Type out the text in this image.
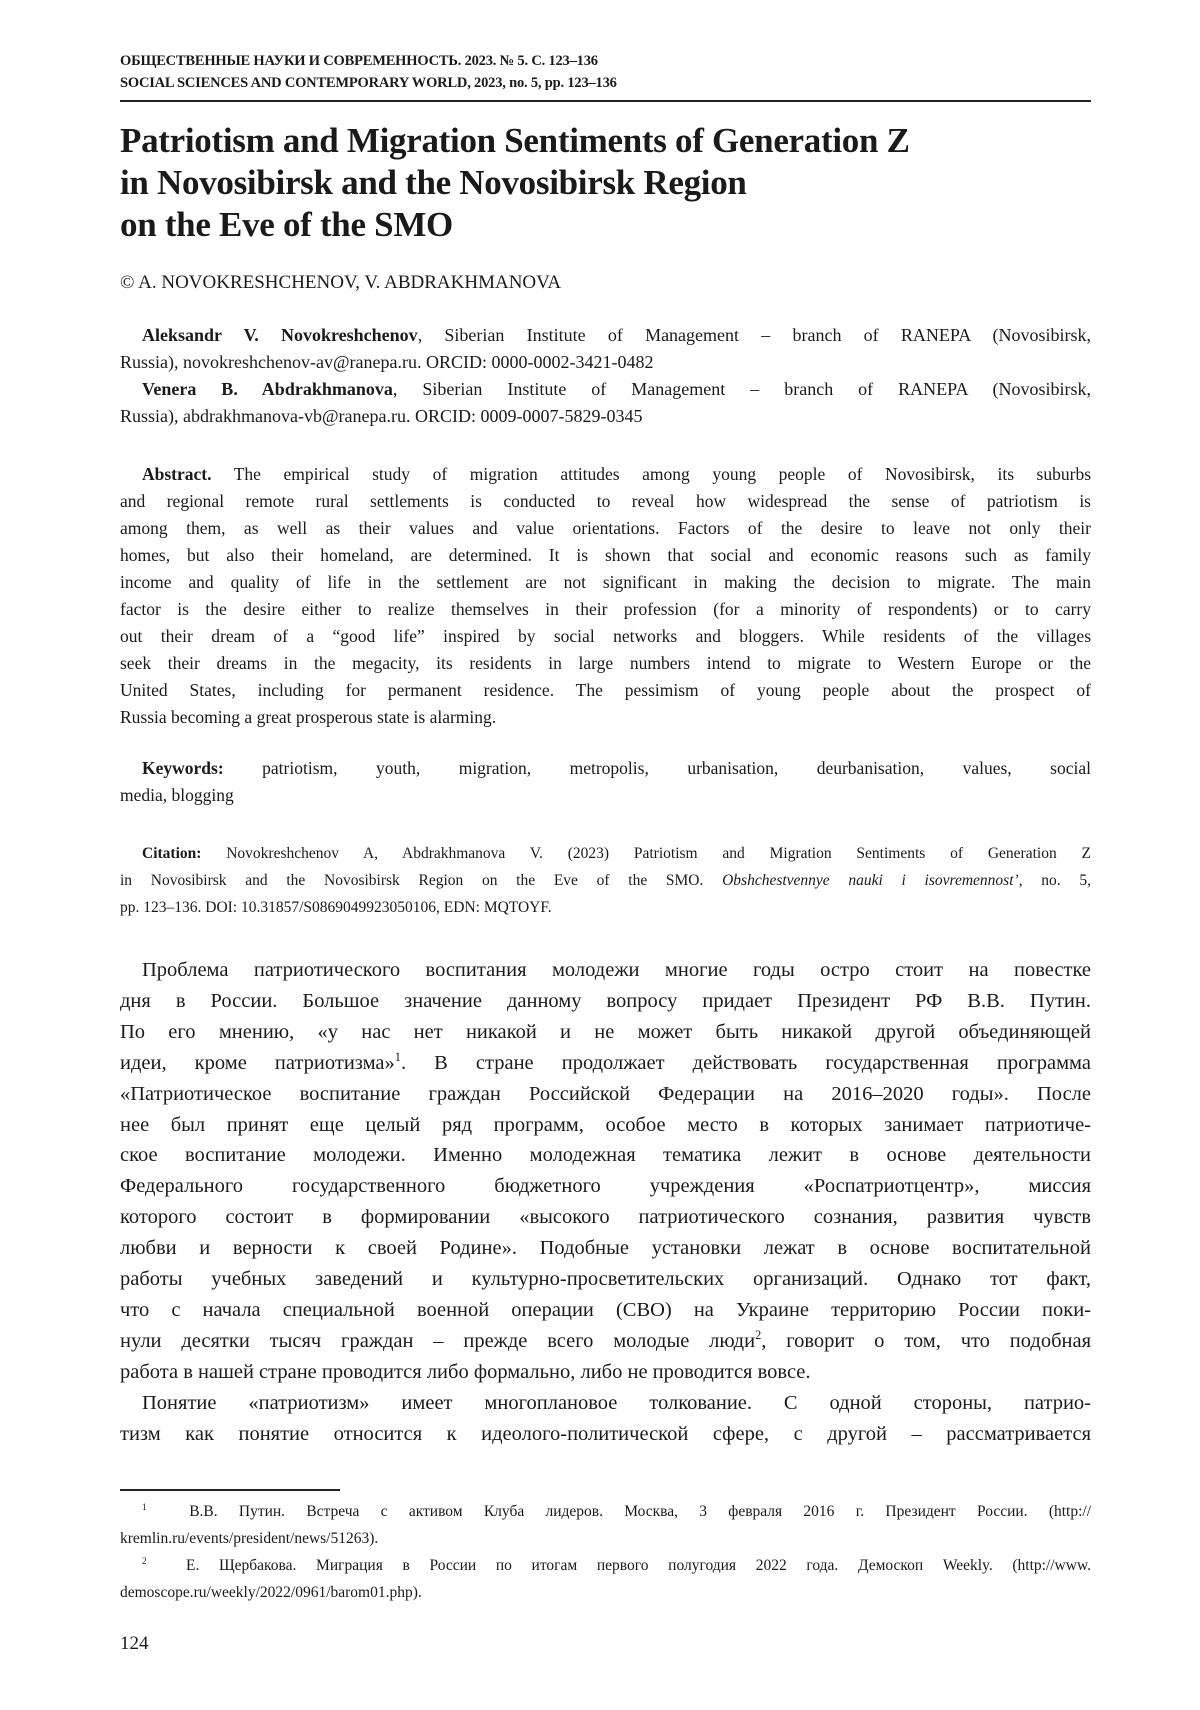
ОБЩЕСТВЕННЫЕ НАУКИ И СОВРЕМЕННОСТЬ. 2023. № 5. С. 123–136
SOCIAL SCIENCES AND CONTEMPORARY WORLD, 2023, no. 5, pp. 123–136
Patriotism and Migration Sentiments of Generation Z
in Novosibirsk and the Novosibirsk Region
on the Eve of the SMO
© A. NOVOKRESHCHENOV, V. ABDRAKHMANOVA
Aleksandr V. Novokreshchenov, Siberian Institute of Management – branch of RANEPA (Novosibirsk,
Russia), novokreshchenov-av@ranepa.ru. ORCID: 0000-0002-3421-0482
Venera B. Abdrakhmanova, Siberian Institute of Management – branch of RANEPA (Novosibirsk,
Russia), abdrakhmanova-vb@ranepa.ru. ORCID: 0009-0007-5829-0345
Abstract. The empirical study of migration attitudes among young people of Novosibirsk, its suburbs
and regional remote rural settlements is conducted to reveal how widespread the sense of patriotism is
among them, as well as their values and value orientations. Factors of the desire to leave not only their
homes, but also their homeland, are determined. It is shown that social and economic reasons such as family
income and quality of life in the settlement are not significant in making the decision to migrate. The main
factor is the desire either to realize themselves in their profession (for a minority of respondents) or to carry
out their dream of a “good life” inspired by social networks and bloggers. While residents of the villages
seek their dreams in the megacity, its residents in large numbers intend to migrate to Western Europe or the
United States, including for permanent residence. The pessimism of young people about the prospect of
Russia becoming a great prosperous state is alarming.
Keywords: patriotism, youth, migration, metropolis, urbanisation, deurbanisation, values, social
media, blogging
Citation: Novokreshchenov A, Abdrakhmanova V. (2023) Patriotism and Migration Sentiments of Generation Z
in Novosibirsk and the Novosibirsk Region on the Eve of the SMO. Obshchestvennye nauki i isovremennost’, no. 5,
pp. 123–136. DOI: 10.31857/S0869049923050106, EDN: MQTOYF.
Проблема патриотического воспитания молодежи многие годы остро стоит на повестке
дня в России. Большое значение данному вопросу придает Президент РФ В.В. Путин.
По его мнению, «у нас нет никакой и не может быть никакой другой объединяющей
идеи, кроме патриотизма»$^1$. В стране продолжает действовать государственная программа
«Патриотическое воспитание граждан Российской Федерации на 2016–2020 годы». После
нее был принят еще целый ряд программ, особое место в которых занимает патриотиче-
ское воспитание молодежи. Именно молодежная тематика лежит в основе деятельности
Федерального государственного бюджетного учреждения «Роспатриотцентр», миссия
которого состоит в формировании «высокого патриотического сознания, развития чувств
любви и верности к своей Родине». Подобные установки лежат в основе воспитательной
работы учебных заведений и культурно-просветительских организаций. Однако тот факт,
что с начала специальной военной операции (СВО) на Украине территорию России поки-
нули десятки тысяч граждан – прежде всего молодые люди$^2$, говорит о том, что подобная
работа в нашей стране проводится либо формально, либо не проводится вовсе.
Понятие «патриотизм» имеет многоплановое толкование. С одной стороны, патрио-
тизм как понятие относится к идеолого-политической сфере, с другой – рассматривается
$^1$	В.В. Путин. Встреча с активом Клуба лидеров. Москва, 3 февраля 2016 г. Президент России. (http://
kremlin.ru/events/president/news/51263).
$^2$	Е. Щербакова. Миграция в России по итогам первого полугодия 2022 года. Демоскоп Weekly. (http://www.
demoscope.ru/weekly/2022/0961/barom01.php).
124
